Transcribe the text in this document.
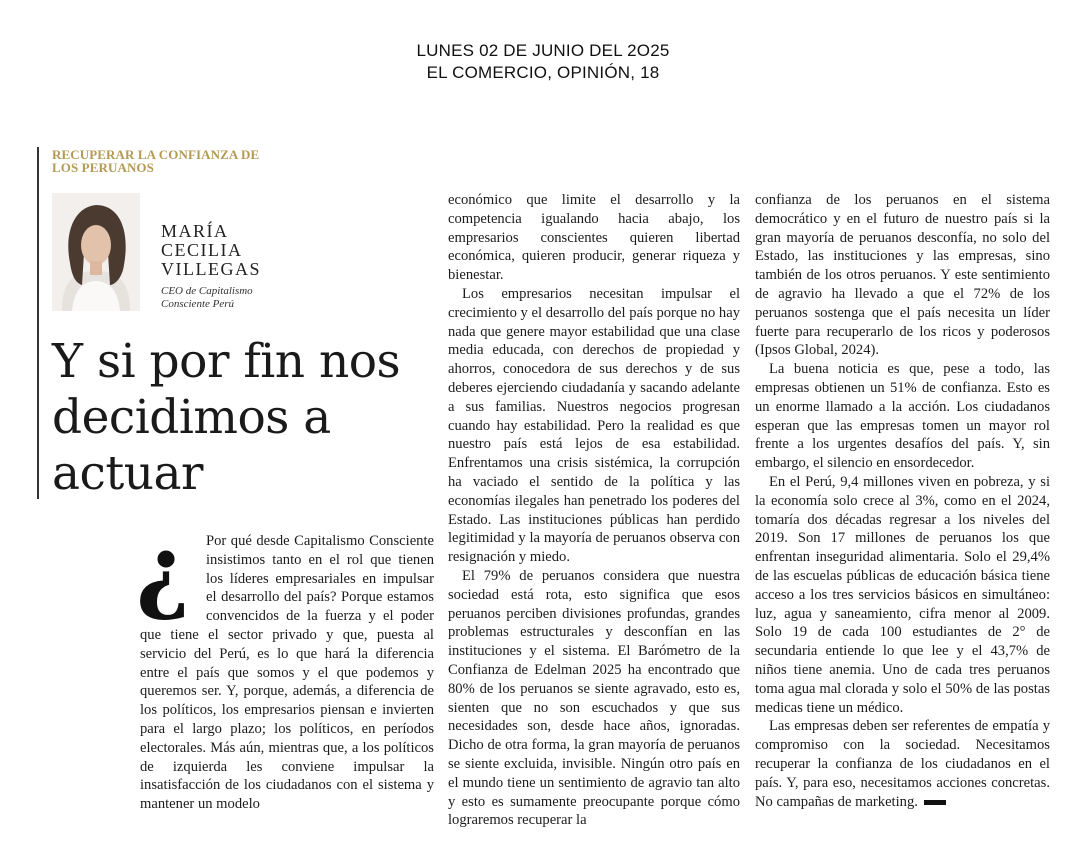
LUNES 02 DE JUNIO DEL 2O25
EL COMERCIO, OPINIÓN, 18
RECUPERAR LA CONFIANZA DE LOS PERUANOS
MARÍA CECILIA VILLEGAS
CEO de Capitalismo Consciente Perú
Y si por fin nos decidimos a actuar
¿	Por qué desde Capitalismo Consciente insistimos tanto en el rol que tienen los líderes empresariales en impulsar el desarrollo del país? Porque estamos convencidos de la fuerza y el poder que tiene el sector privado y que, puesta al servicio del Perú, es lo que hará la diferencia entre el país que somos y el que podemos y queremos ser. Y, porque, además, a diferencia de los políticos, los empresarios piensan e invierten para el largo plazo; los políticos, en períodos electorales. Más aún, mientras que, a los políticos de izquierda les conviene impulsar la insatisfacción de los ciudadanos con el sistema y mantener un modelo

económico que limite el desarrollo y la competencia igualando hacia abajo, los empresarios conscientes quieren libertad económica, quieren producir, generar riqueza y bienestar.

Los empresarios necesitan impulsar el crecimiento y el desarrollo del país porque no hay nada que genere mayor estabilidad que una clase media educada, con derechos de propiedad y ahorros, conocedora de sus derechos y de sus deberes ejerciendo ciudadanía y sacando adelante a sus familias. Nuestros negocios progresan cuando hay estabilidad. Pero la realidad es que nuestro país está lejos de esa estabilidad. Enfrentamos una crisis sistémica, la corrupción ha vaciado el sentido de la política y las economías ilegales han penetrado los poderes del Estado. Las instituciones públicas han perdido legitimidad y la mayoría de peruanos observa con resignación y miedo.

El 79% de peruanos considera que nuestra sociedad está rota, esto significa que esos peruanos perciben divisiones profundas, grandes problemas estructurales y desconfían en las instituciones y el sistema. El Barómetro de la Confianza de Edelman 2025 ha encontrado que 80% de los peruanos se siente agravado, esto es, sienten que no son escuchados y que sus necesidades son, desde hace años, ignoradas. Dicho de otra forma, la gran mayoría de peruanos se siente excluida, invisible. Ningún otro país en el mundo tiene un sentimiento de agravio tan alto y esto es sumamente preocupante porque cómo lograremos recuperar la

confianza de los peruanos en el sistema democrático y en el futuro de nuestro país si la gran mayoría de peruanos desconfía, no solo del Estado, las instituciones y las empresas, sino también de los otros peruanos. Y este sentimiento de agravio ha llevado a que el 72% de los peruanos sostenga que el país necesita un líder fuerte para recuperarlo de los ricos y poderosos (Ipsos Global, 2024).

La buena noticia es que, pese a todo, las empresas obtienen un 51% de confianza. Esto es un enorme llamado a la acción. Los ciudadanos esperan que las empresas tomen un mayor rol frente a los urgentes desafíos del país. Y, sin embargo, el silencio en ensordecedor.

En el Perú, 9,4 millones viven en pobreza, y si la economía solo crece al 3%, como en el 2024, tomaría dos décadas regresar a los niveles del 2019. Son 17 millones de peruanos los que enfrentan inseguridad alimentaria. Solo el 29,4% de las escuelas públicas de educación básica tiene acceso a los tres servicios básicos en simultáneo: luz, agua y saneamiento, cifra menor al 2009. Solo 19 de cada 100 estudiantes de 2° de secundaria entiende lo que lee y el 43,7% de niños tiene anemia. Uno de cada tres peruanos toma agua mal clorada y solo el 50% de las postas medicas tiene un médico.

Las empresas deben ser referentes de empatía y compromiso con la sociedad. Necesitamos recuperar la confianza de los ciudadanos en el país. Y, para eso, necesitamos acciones concretas. No campañas de marketing.
